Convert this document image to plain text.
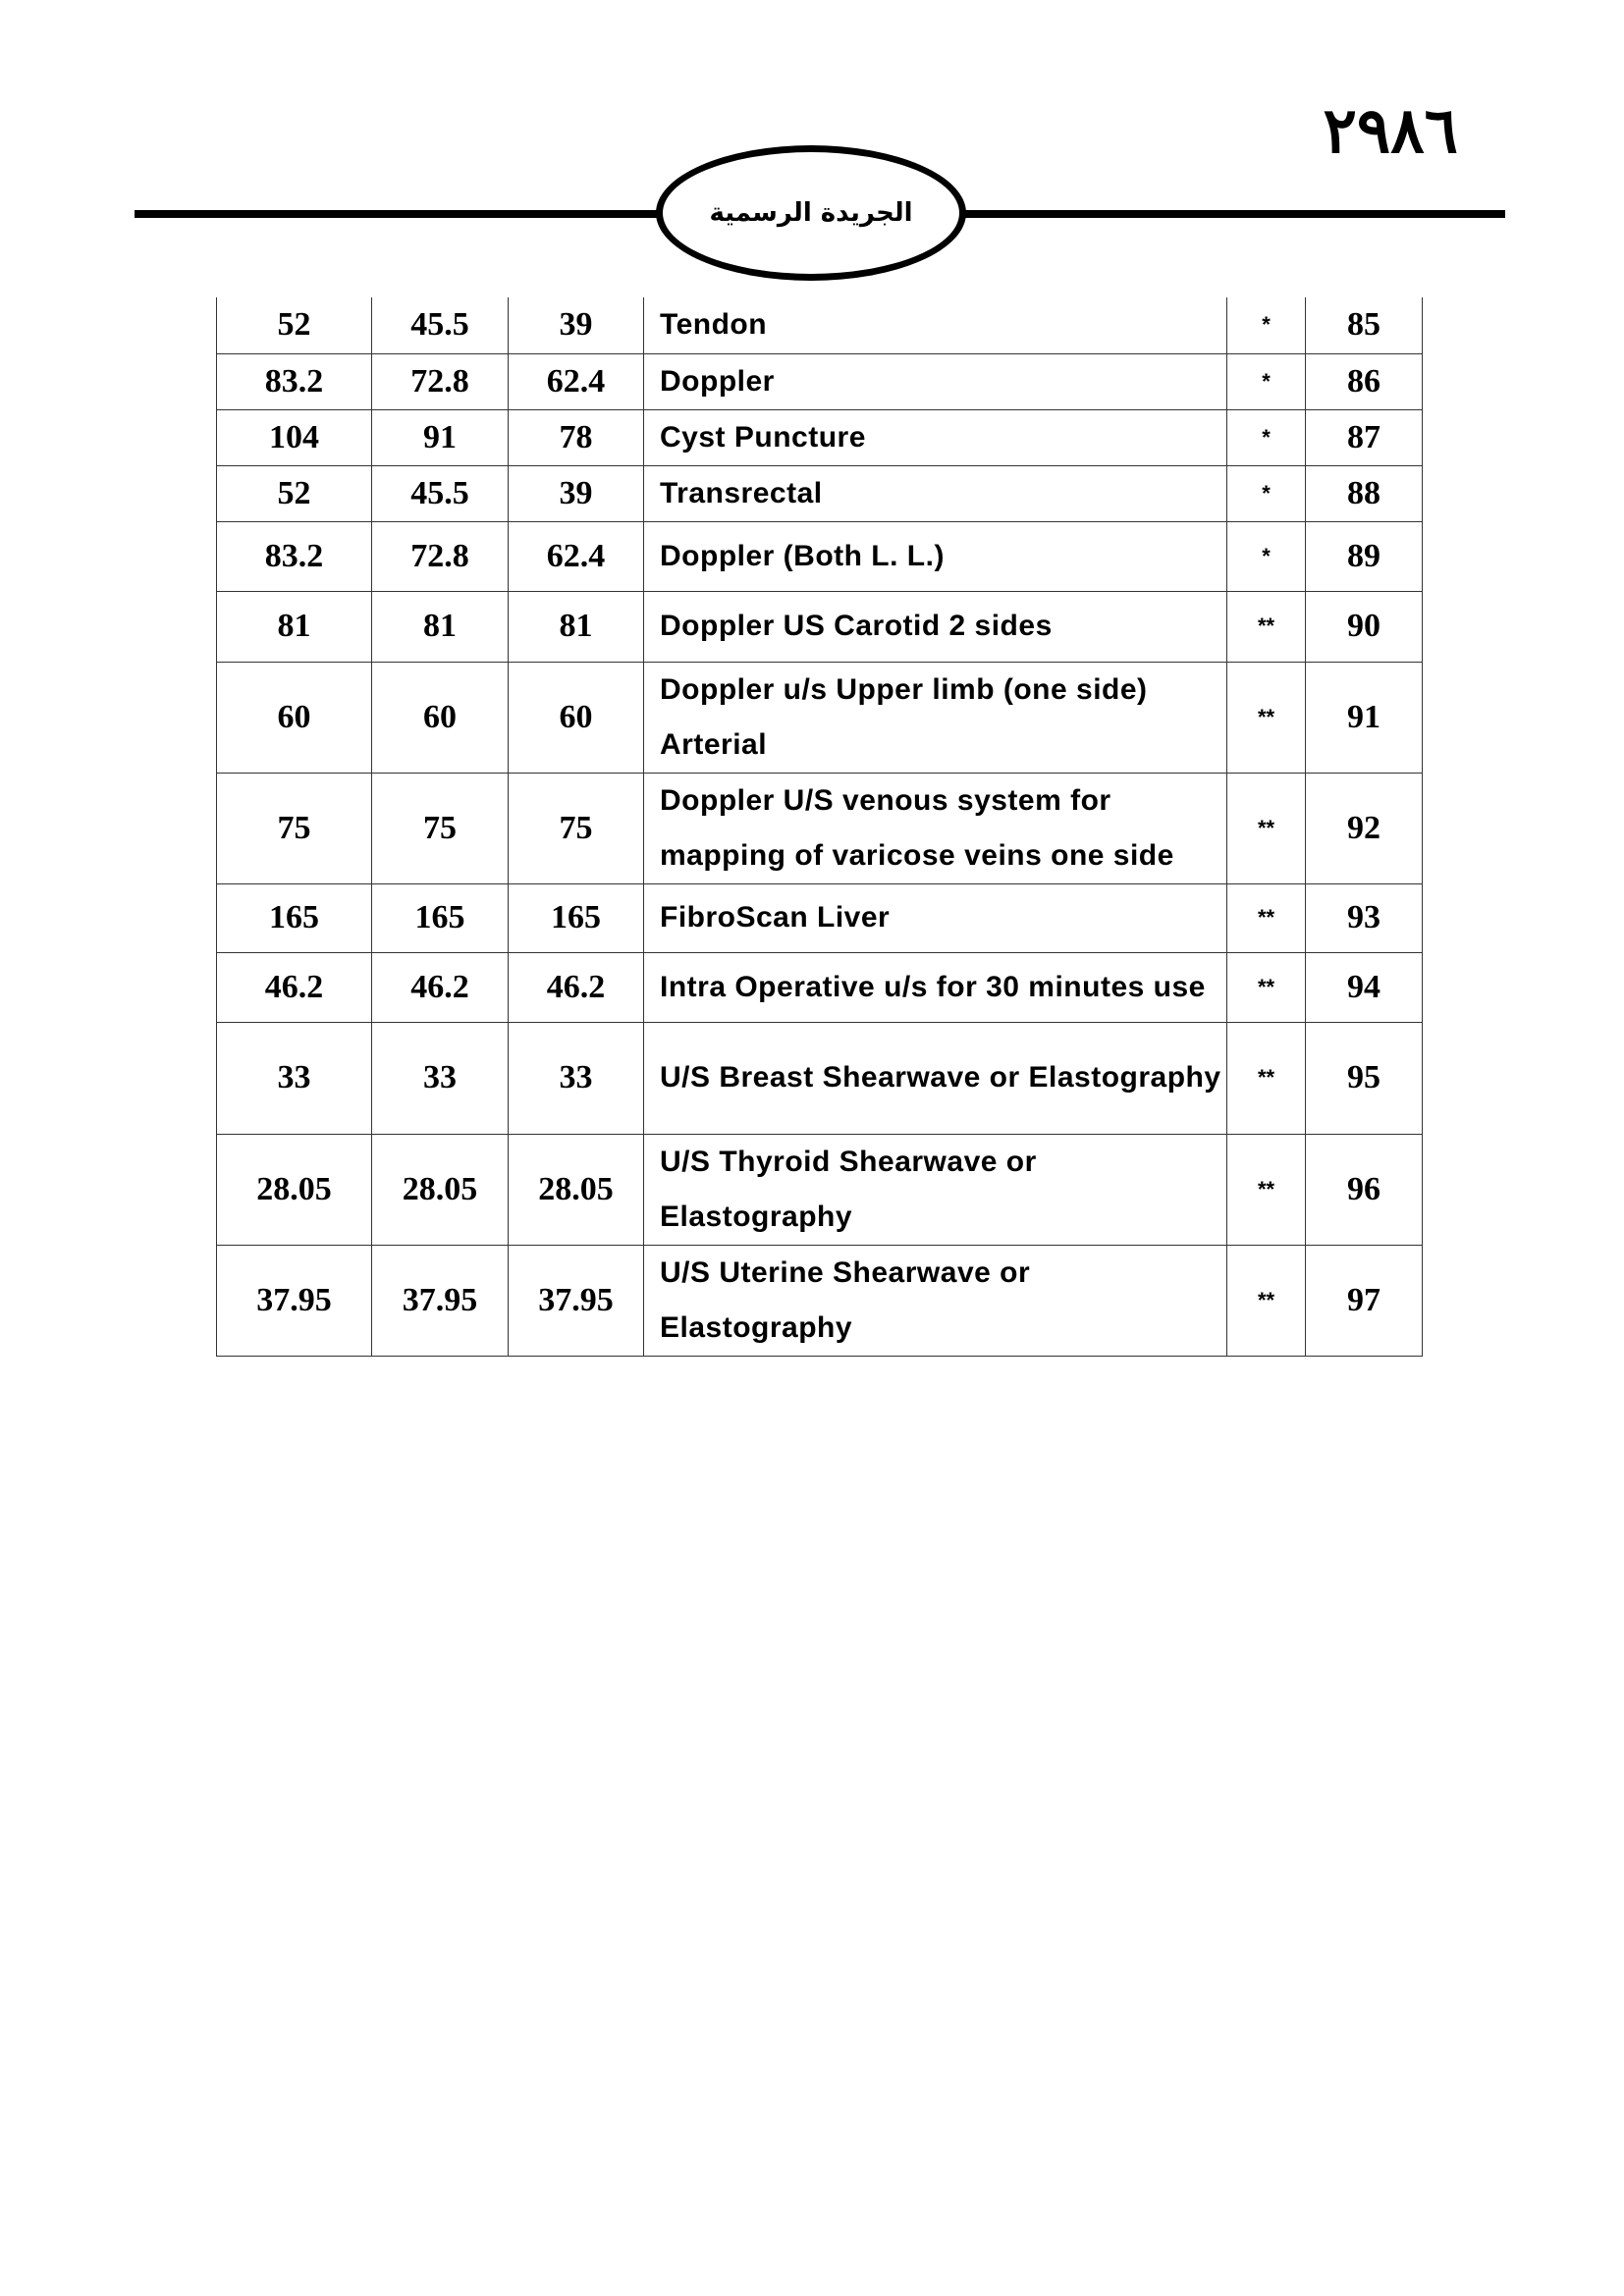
٢٩٨٦
الجريدة الرسمية
52	45.5	39	Tendon	*	85
83.2	72.8	62.4	Doppler	*	86
104	91	78	Cyst Puncture	*	87
52	45.5	39	Transrectal	*	88
83.2	72.8	62.4	Doppler (Both L. L.)	*	89
81	81	81	Doppler US Carotid 2 sides	**	90
60	60	60	Doppler u/s Upper limb (one side) Arterial	**	91
75	75	75	Doppler U/S venous system for mapping of varicose veins one side	**	92
165	165	165	FibroScan Liver	**	93
46.2	46.2	46.2	Intra Operative u/s for 30 minutes use	**	94
33	33	33	U/S Breast Shearwave or Elastography	**	95
28.05	28.05	28.05	U/S Thyroid Shearwave or Elastography	**	96
37.95	37.95	37.95	U/S Uterine Shearwave or Elastography	**	97
